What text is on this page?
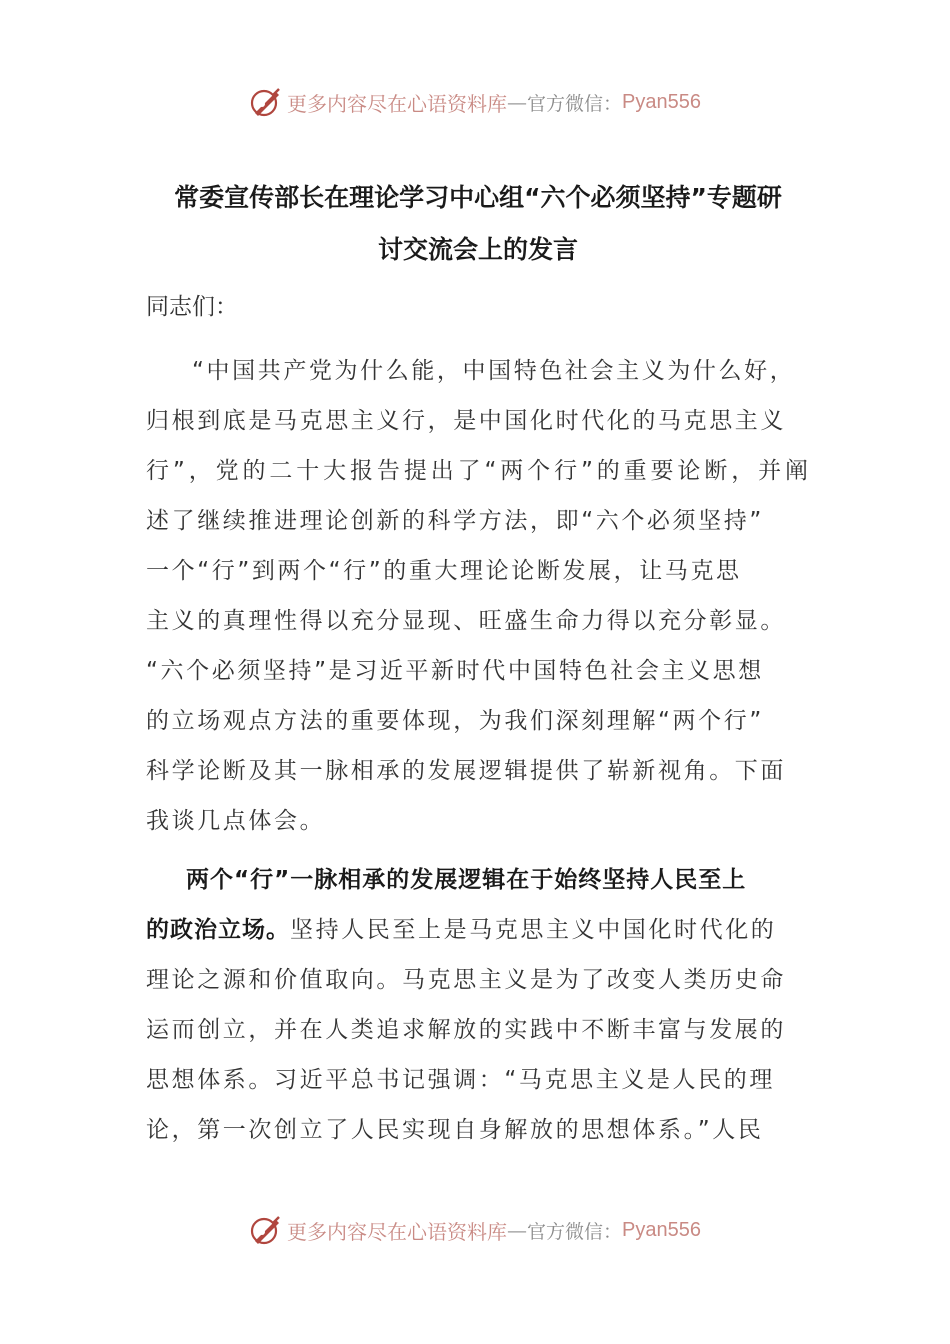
更多内容尽在心语资料库 — 官方微信： Pyan556
常委宣传部长在理论学习中心组“六个必须坚持”专题研
讨交流会上的发言
同志们：
“中国共产党为什么能，中国特色社会主义为什么好，
归根到底是马克思主义行，是中国化时代化的马克思主义
行”，党的二十大报告提出了“两个行”的重要论断，并阐
述了继续推进理论创新的科学方法，即“六个必须坚持”
一个“行”到两个“行”的重大理论论断发展，让马克思
主义的真理性得以充分显现、旺盛生命力得以充分彰显。
“六个必须坚持”是习近平新时代中国特色社会主义思想
的立场观点方法的重要体现，为我们深刻理解“两个行”
科学论断及其一脉相承的发展逻辑提供了崭新视角。下面
我谈几点体会。
两个“行”一脉相承的发展逻辑在于始终坚持人民至上
的政治立场。坚持人民至上是马克思主义中国化时代化的
理论之源和价值取向。马克思主义是为了改变人类历史命
运而创立，并在人类追求解放的实践中不断丰富与发展的
思想体系。习近平总书记强调：“马克思主义是人民的理
论，第一次创立了人民实现自身解放的思想体系。”人民
更多内容尽在心语资料库 — 官方微信： Pyan556
